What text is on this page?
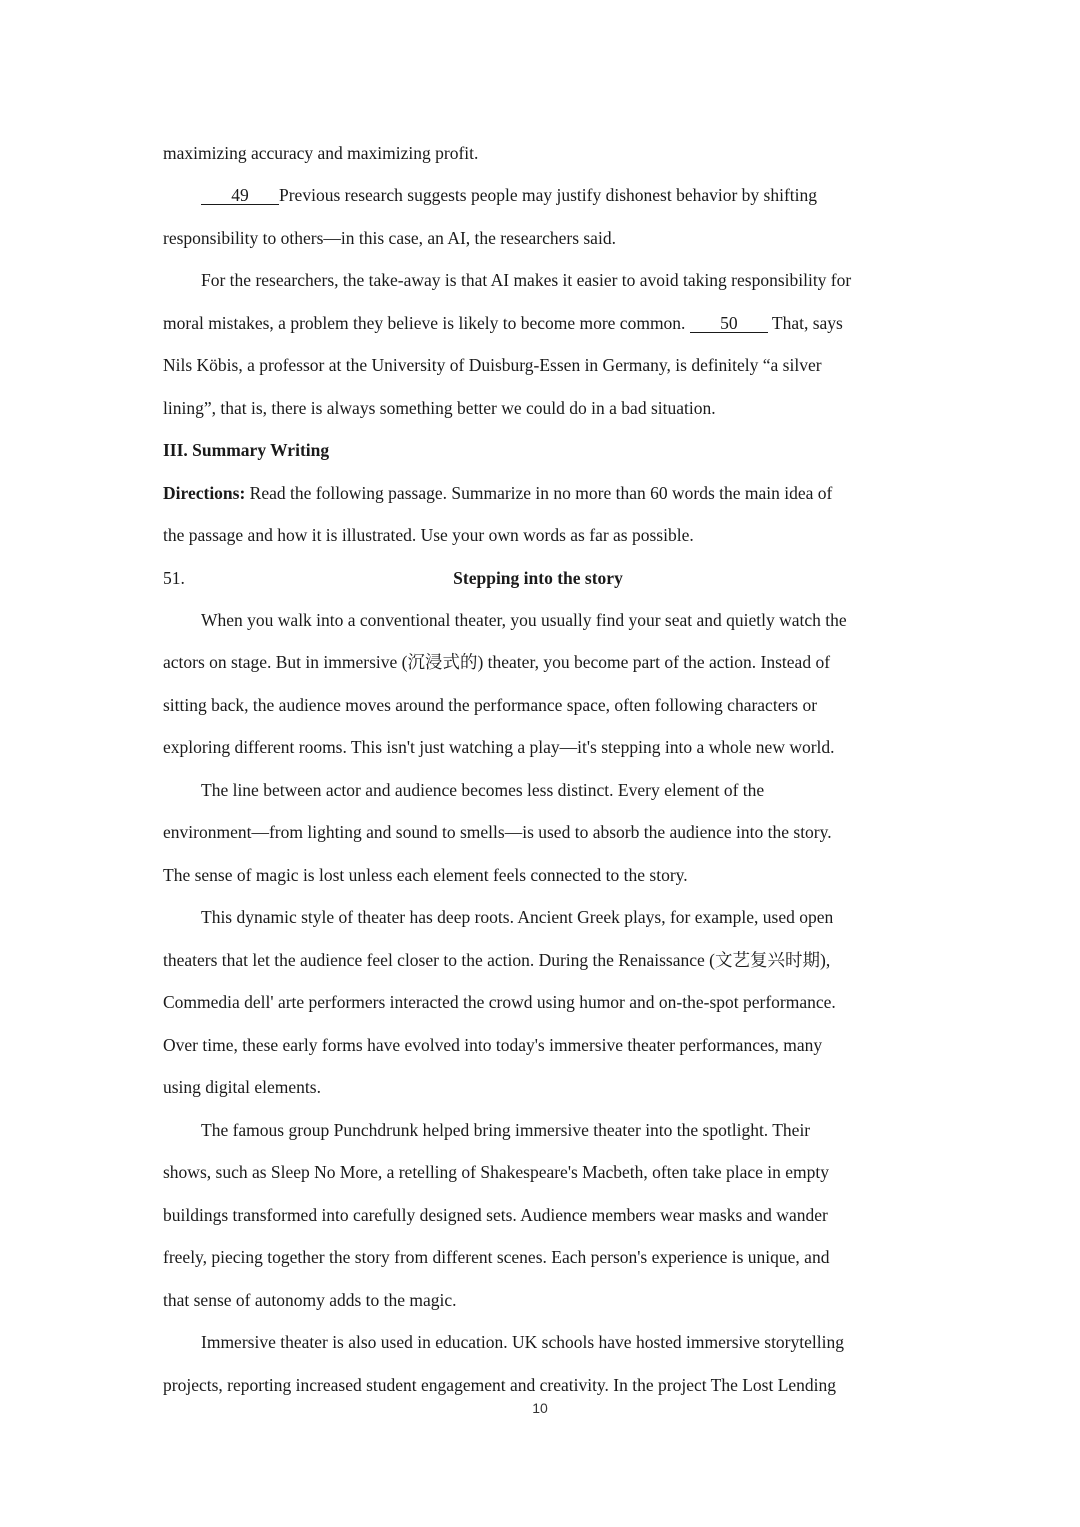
maximizing accuracy and maximizing profit.
49 Previous research suggests people may justify dishonest behavior by shifting
responsibility to others—in this case, an AI, the researchers said.
For the researchers, the take-away is that AI makes it easier to avoid taking responsibility for
moral mistakes, a problem they believe is likely to become more common. 50 That, says
Nils Köbis, a professor at the University of Duisburg-Essen in Germany, is definitely “a silver
lining”, that is, there is always something better we could do in a bad situation.
III. Summary Writing
Directions: Read the following passage. Summarize in no more than 60 words the main idea of
the passage and how it is illustrated. Use your own words as far as possible.
51.	Stepping into the story
When you walk into a conventional theater, you usually find your seat and quietly watch the
actors on stage. But in immersive (沉浸式的) theater, you become part of the action. Instead of
sitting back, the audience moves around the performance space, often following characters or
exploring different rooms. This isn't just watching a play—it's stepping into a whole new world.
The line between actor and audience becomes less distinct. Every element of the
environment—from lighting and sound to smells—is used to absorb the audience into the story.
The sense of magic is lost unless each element feels connected to the story.
This dynamic style of theater has deep roots. Ancient Greek plays, for example, used open
theaters that let the audience feel closer to the action. During the Renaissance (文艺复兴时期),
Commedia dell' arte performers interacted the crowd using humor and on-the-spot performance.
Over time, these early forms have evolved into today's immersive theater performances, many
using digital elements.
The famous group Punchdrunk helped bring immersive theater into the spotlight. Their
shows, such as Sleep No More, a retelling of Shakespeare's Macbeth, often take place in empty
buildings transformed into carefully designed sets. Audience members wear masks and wander
freely, piecing together the story from different scenes. Each person's experience is unique, and
that sense of autonomy adds to the magic.
Immersive theater is also used in education. UK schools have hosted immersive storytelling
projects, reporting increased student engagement and creativity. In the project The Lost Lending
10
